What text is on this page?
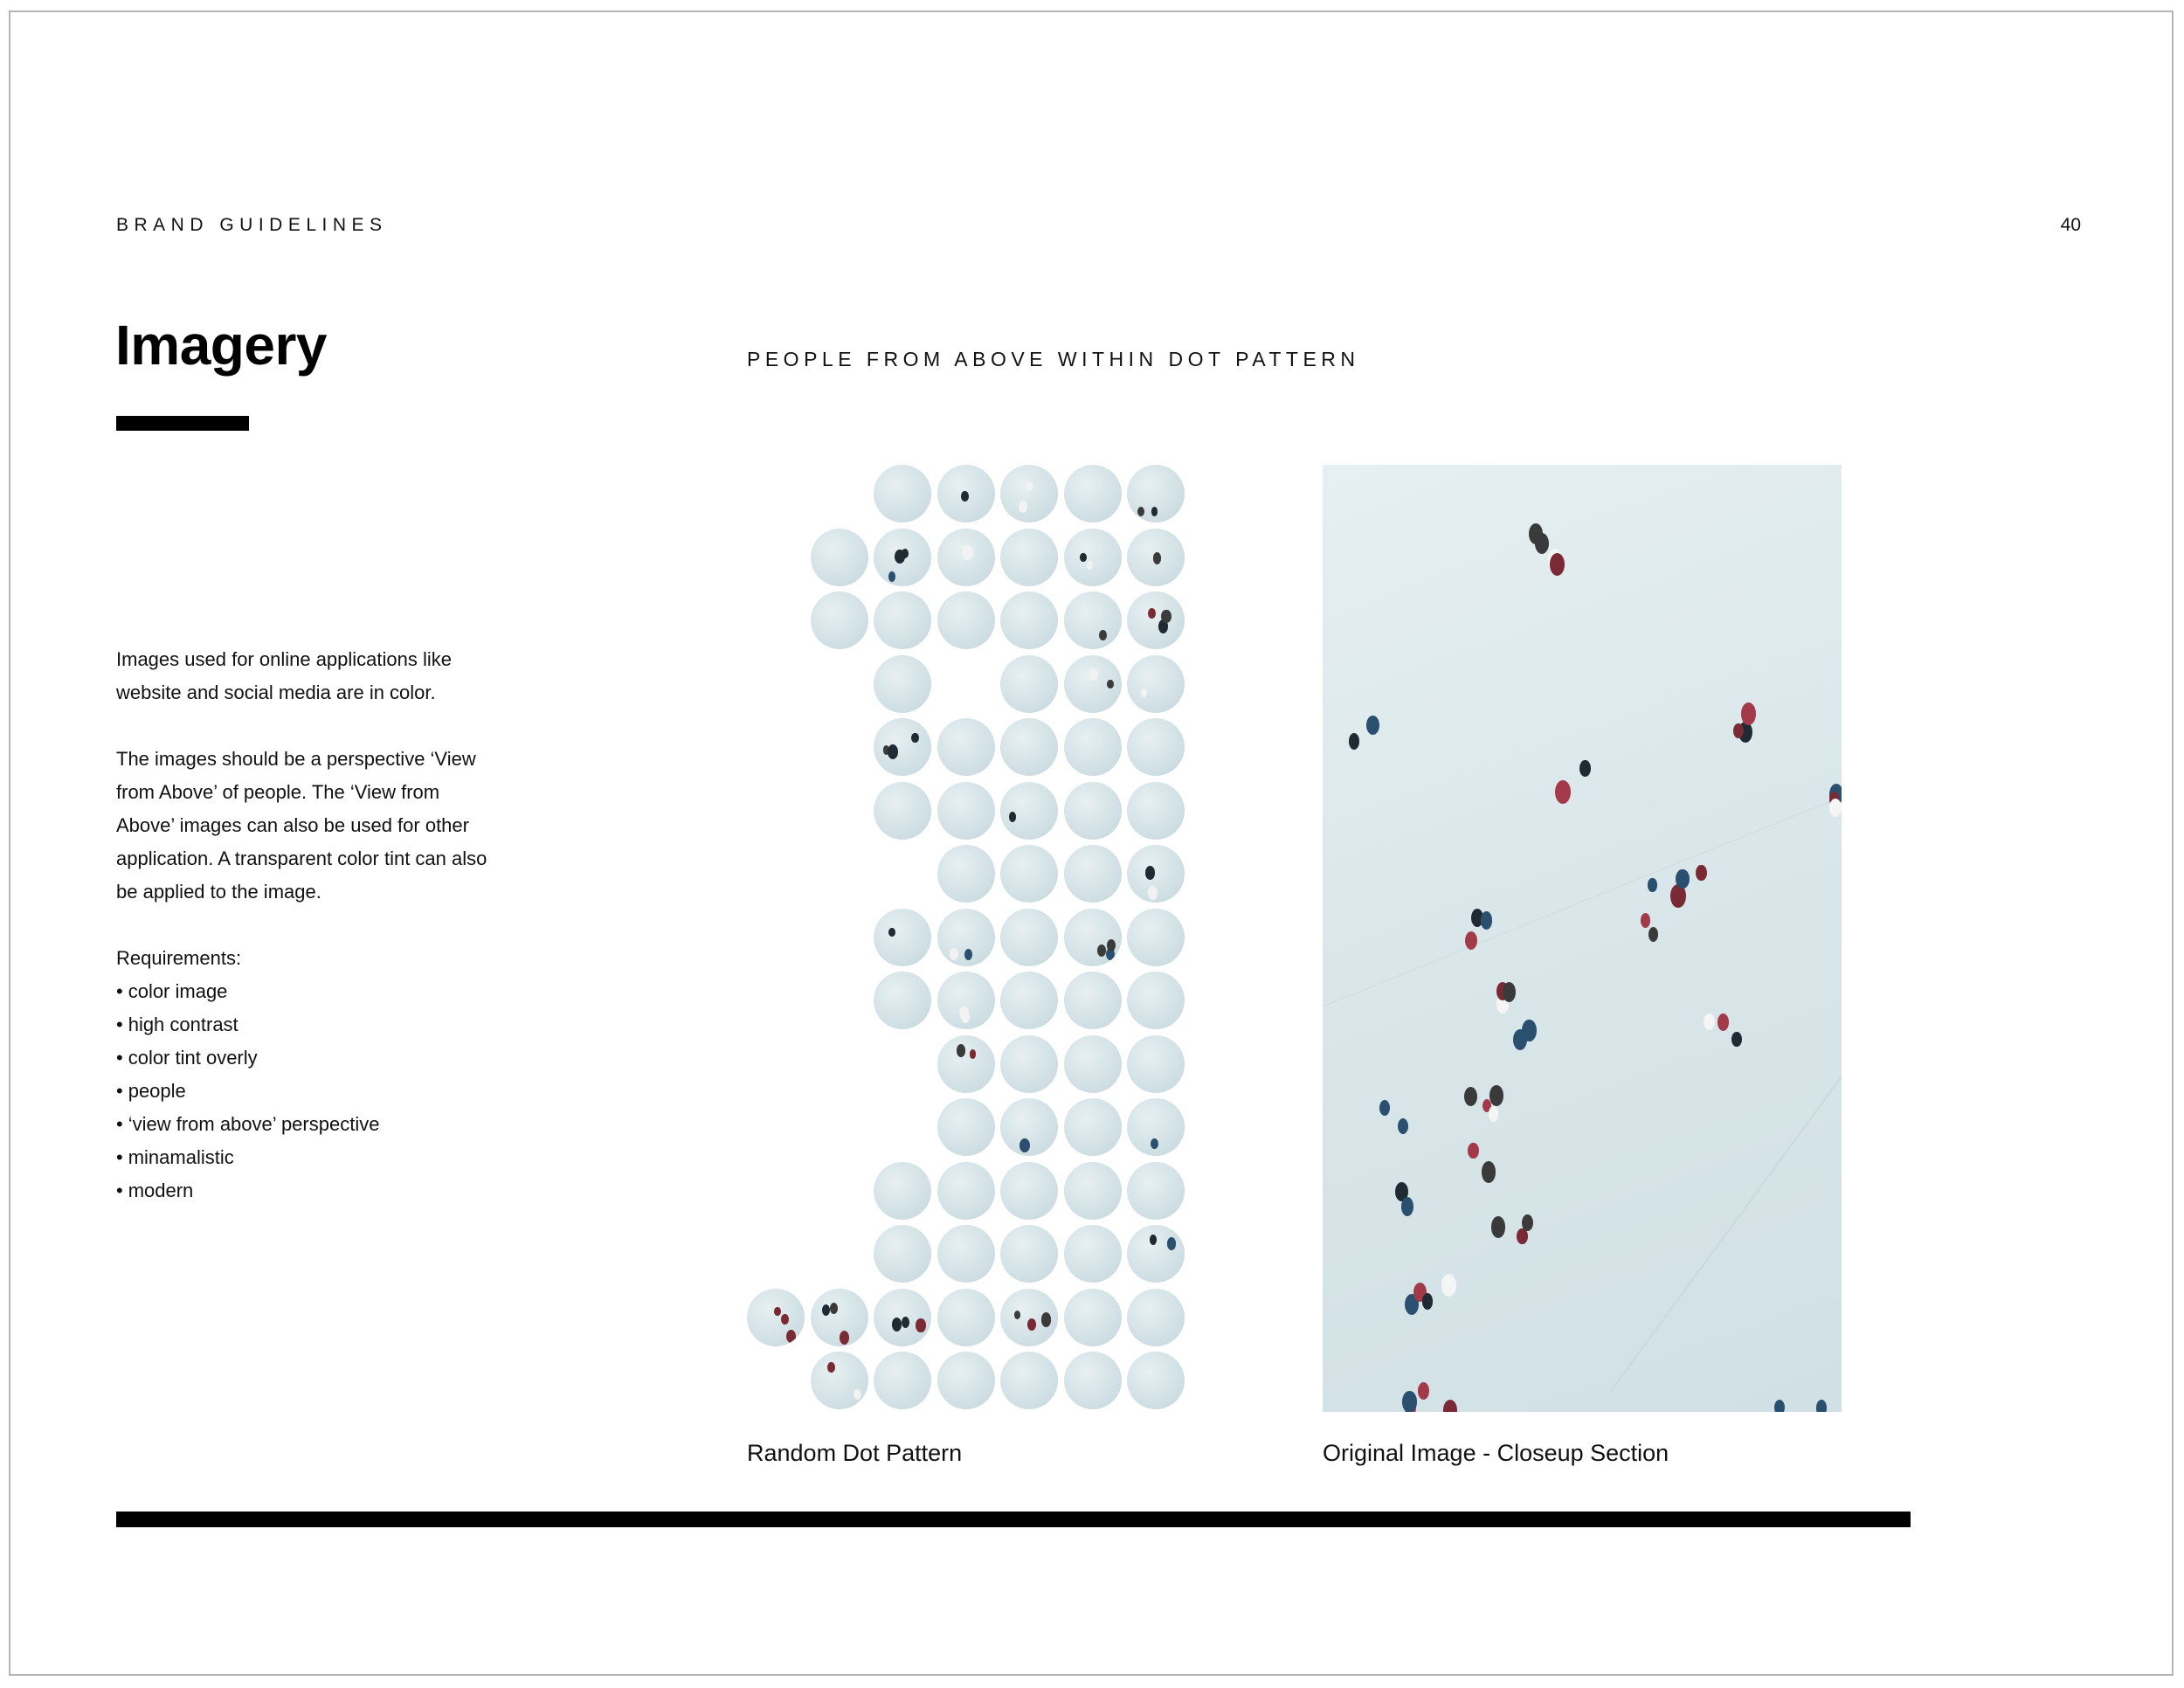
BRAND GUIDELINES	40
Imagery

Images used for online applications like website and social media are in color.

The images should be a perspective ‘View from Above’ of people. The ‘View from Above’ images can also be used for other application. A transparent color tint can also be applied to the image.

Requirements:
• color image
• high contrast
• color tint overly
• people
• ‘view from above’ perspective
• minamalistic
• modern
PEOPLE FROM ABOVE WITHIN DOT PATTERN
Random Dot Pattern	Original Image - Closeup Section
